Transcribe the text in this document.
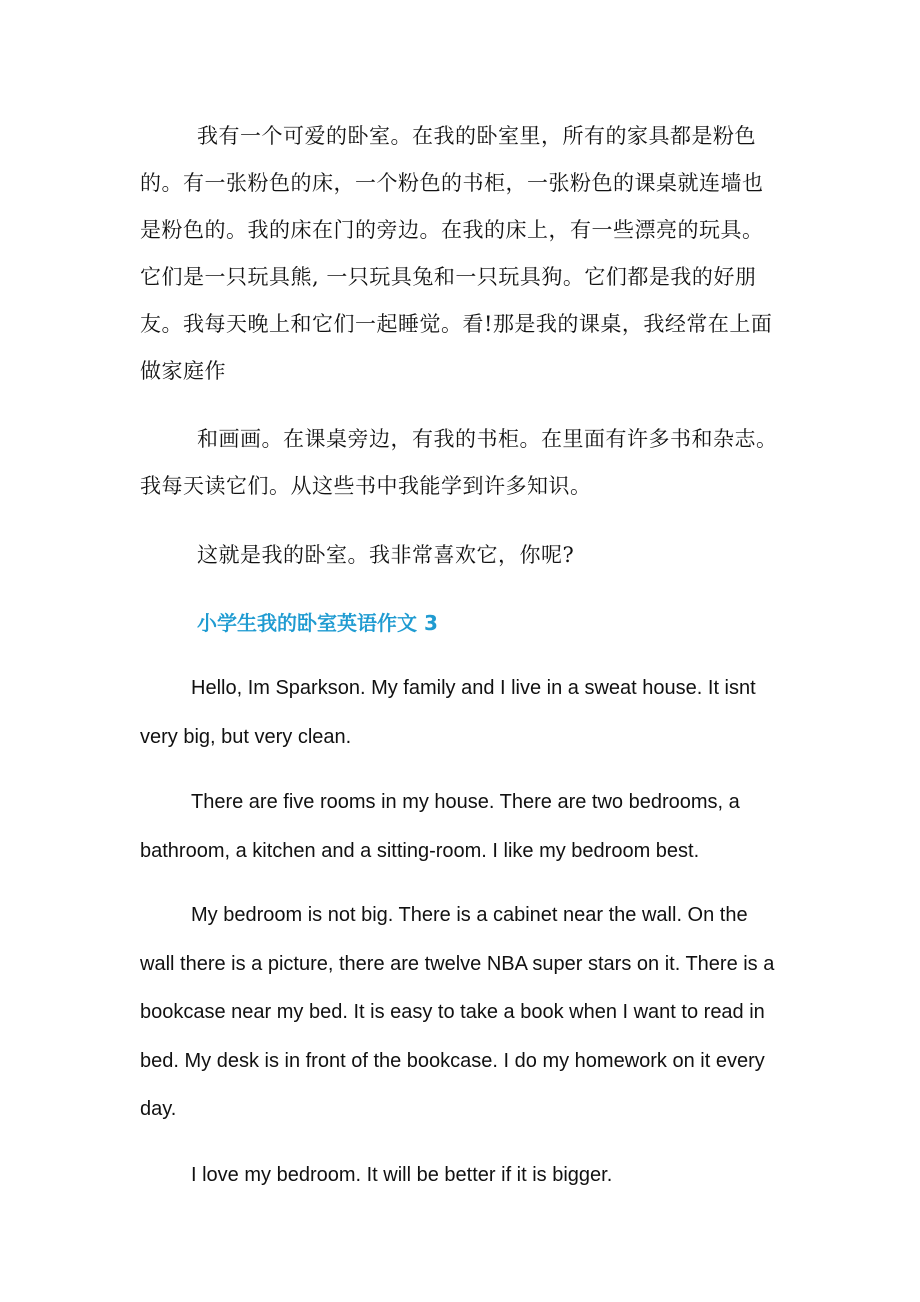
我有一个可爱的卧室。在我的卧室里，所有的家具都是粉色的。有一张粉色的床，一个粉色的书柜，一张粉色的课桌就连墙也是粉色的。我的床在门的旁边。在我的床上，有一些漂亮的玩具。它们是一只玩具熊, 一只玩具兔和一只玩具狗。它们都是我的好朋友。我每天晚上和它们一起睡觉。看!那是我的课桌，我经常在上面做家庭作

和画画。在课桌旁边，有我的书柜。在里面有许多书和杂志。我每天读它们。从这些书中我能学到许多知识。

这就是我的卧室。我非常喜欢它，你呢?

小学生我的卧室英语作文 3

Hello, Im Sparkson. My family and I live in a sweat house. It isnt very big, but very clean.

There are five rooms in my house. There are two bedrooms, a bathroom, a kitchen and a sitting-room. I like my bedroom best.

My bedroom is not big. There is a cabinet near the wall. On the wall there is a picture, there are twelve NBA super stars on it. There is a bookcase near my bed. It is easy to take a book when I want to read in bed. My desk is in front of the bookcase. I do my homework on it every day.

I love my bedroom. It will be better if it is bigger.
